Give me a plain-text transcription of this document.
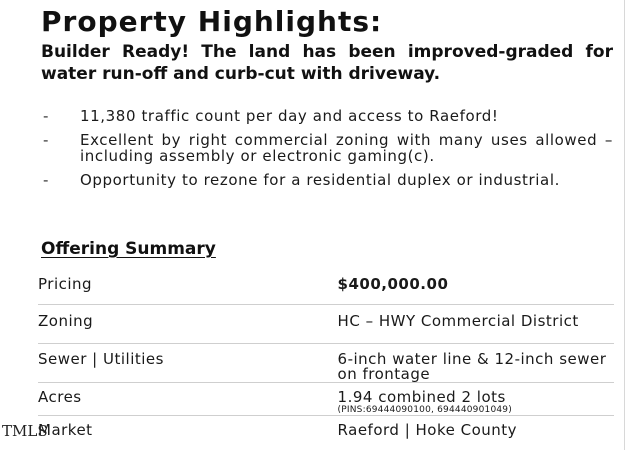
Property Highlights:

Builder Ready! The land has been improved-graded for water run-off and curb-cut with driveway.

- 11,380 traffic count per day and access to Raeford!
- Excellent by right commercial zoning with many uses allowed – including assembly or electronic gaming(c).
- Opportunity to rezone for a residential duplex or industrial.
Offering Summary
Pricing	$400,000.00
Zoning	HC – HWY Commercial District
Sewer | Utilities	6-inch water line & 12-inch sewer on frontage
Acres	1.94 combined 2 lots
(PINS:69444090100, 694440901049)

Market	Raeford | Hoke County
TMLS
